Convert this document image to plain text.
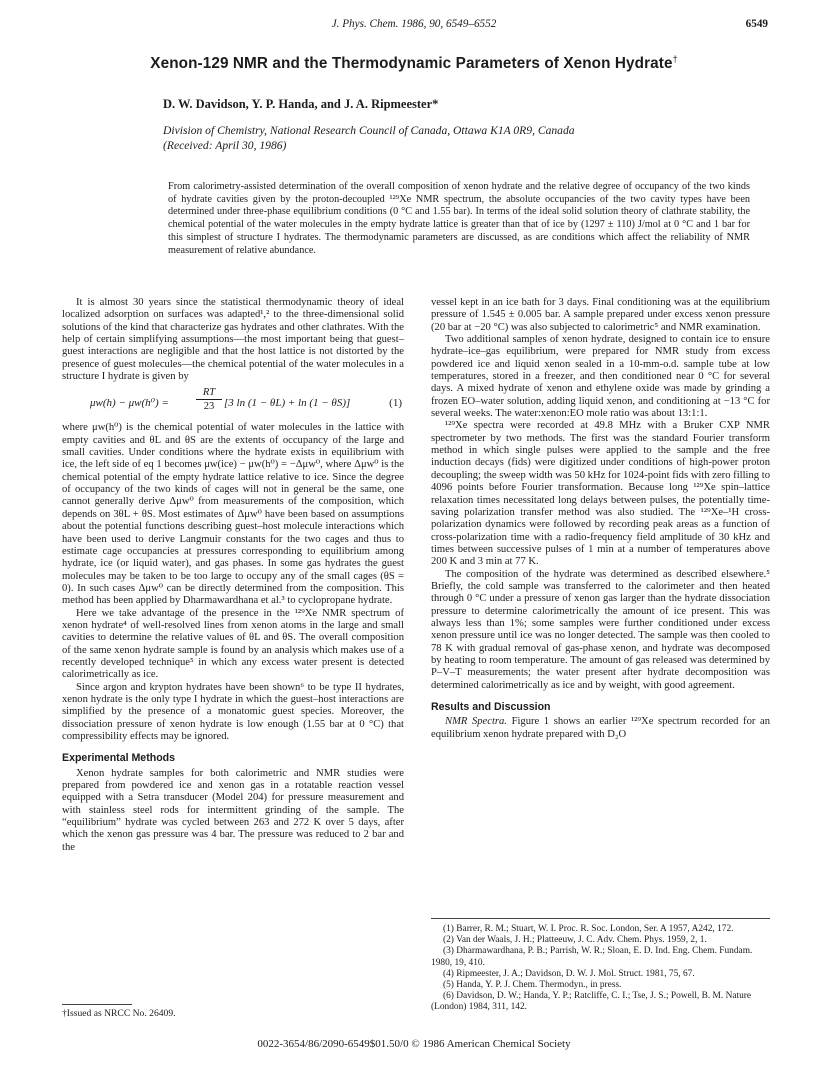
J. Phys. Chem. 1986, 90, 6549–6552	6549
Xenon-129 NMR and the Thermodynamic Parameters of Xenon Hydrate†
D. W. Davidson, Y. P. Handa, and J. A. Ripmeester*
Division of Chemistry, National Research Council of Canada, Ottawa K1A 0R9, Canada
(Received: April 30, 1986)
From calorimetry-assisted determination of the overall composition of xenon hydrate and the relative degree of occupancy of the two kinds of hydrate cavities given by the proton-decoupled ¹²⁹Xe NMR spectrum, the absolute occupancies of the two cavity types have been determined under three-phase equilibrium conditions (0 °C and 1.55 bar). In terms of the ideal solid solution theory of clathrate stability, the chemical potential of the water molecules in the empty hydrate lattice is greater than that of ice by (1297 ± 110) J/mol at 0 °C and 1 bar for this simplest of structure I hydrates. The thermodynamic parameters are discussed, as are conditions which affect the reliability of NMR measurement of relative abundance.

It is almost 30 years since the statistical thermodynamic theory of ideal localized adsorption on surfaces was adapted¹,² to the three-dimensional solid solutions of the kind that characterize gas hydrates and other clathrates. With the help of certain simplifying assumptions—the most important being that guest–guest interactions are negligible and that the host lattice is not distorted by the presence of guest molecules—the chemical potential of the water molecules in a structure I hydrate is given by

μw(h) − μw(h⁰) =	$\frac{RT}{23} [3$ ln (1 − θL) + ln (1 − θS)]	(1)

where μw(h⁰) is the chemical potential of water molecules in the lattice with empty cavities and θL and θS are the extents of occupancy of the large and small cavities. Under conditions where the hydrate exists in equilibrium with ice, the left side of eq 1 becomes μw(ice) − μw(h⁰) = −Δμw⁰, where Δμw⁰ is the chemical potential of the empty hydrate lattice relative to ice. Since the degree of occupancy of the two kinds of cages will not in general be the same, one cannot generally derive Δμw⁰ from measurements of the composition, which depends on 3θL + θS. Most estimates of Δμw⁰ have been based on assumptions about the potential functions describing guest–host molecule interactions which have been used to derive Langmuir constants for the two cages and thus to estimate cage occupancies at pressures corresponding to equilibrium among hydrate, ice (or liquid water), and gas phases. In some gas hydrates the guest molecules may be taken to be too large to occupy any of the small cages (θS = 0). In such cases Δμw⁰ can be directly determined from the composition. This method has been applied by Dharmawardhana et al.³ to cyclopropane hydrate.

Here we take advantage of the presence in the ¹²⁹Xe NMR spectrum of xenon hydrate⁴ of well-resolved lines from xenon atoms in the large and small cavities to determine the relative values of θL and θS. The overall composition of the same xenon hydrate sample is found by an analysis which makes use of a recently developed technique⁵ in which any excess water present is detected calorimetrically as ice.

Since argon and krypton hydrates have been shown⁶ to be type II hydrates, xenon hydrate is the only type I hydrate in which the guest–host interactions are simplified by the presence of a monatomic guest species. Moreover, the dissociation pressure of xenon hydrate is low enough (1.55 bar at 0 °C) that compressibility effects may be ignored.

Experimental Methods

Xenon hydrate samples for both calorimetric and NMR studies were prepared from powdered ice and xenon gas in a rotatable reaction vessel equipped with a Setra transducer (Model 204) for pressure measurement and with stainless steel rods for intermittent grinding of the sample. The “equilibrium” hydrate was cycled between 263 and 272 K over 5 days, after which the xenon gas pressure was 4 bar. The pressure was reduced to 2 bar and the

vessel kept in an ice bath for 3 days. Final conditioning was at the equilibrium pressure of 1.545 ± 0.005 bar. A sample prepared under excess xenon pressure (20 bar at −20 °C) was also subjected to calorimetric⁵ and NMR examination.

Two additional samples of xenon hydrate, designed to contain ice to ensure hydrate–ice–gas equilibrium, were prepared for NMR study from excess powdered ice and liquid xenon sealed in a 10-mm-o.d. sample tube at low temperatures, stored in a freezer, and then conditioned near 0 °C for several days. A mixed hydrate of xenon and ethylene oxide was made by grinding a frozen EO–water solution, adding liquid xenon, and conditioning at −13 °C for several weeks. The water:xenon:EO mole ratio was about 13:1:1.

¹²⁹Xe spectra were recorded at 49.8 MHz with a Bruker CXP NMR spectrometer by two methods. The first was the standard Fourier transform method in which single pulses were applied to the sample and the free induction decays (fids) were digitized under conditions of high-power proton decoupling; the sweep width was 50 kHz for 1024-point fids with zero filling to 4096 points before Fourier transformation. Because long ¹²⁹Xe spin–lattice relaxation times necessitated long delays between pulses, the potentially time-saving polarization transfer method was also studied. The ¹²⁹Xe–¹H cross-polarization dynamics were followed by recording peak areas as a function of cross-polarization time with a radio-frequency field amplitude of 30 kHz and times between successive pulses of 1 min at a number of temperatures above 200 K and 3 min at 77 K.

The composition of the hydrate was determined as described elsewhere.⁵ Briefly, the cold sample was transferred to the calorimeter and then heated through 0 °C under a pressure of xenon gas larger than the hydrate dissociation pressure to determine calorimetrically the amount of ice present. This was always less than 1%; some samples were further conditioned under excess xenon pressure until ice was no longer detected. The sample was then cooled to 78 K with gradual removal of gas-phase xenon, and hydrate was decomposed by heating to room temperature. The amount of gas released was determined by P–V–T measurements; the water present after hydrate decomposition was determined calorimetrically as ice and by weight, with good agreement.

Results and Discussion

NMR Spectra. Figure 1 shows an earlier ¹²⁹Xe spectrum recorded for an equilibrium xenon hydrate prepared with D₂O

(1) Barrer, R. M.; Stuart, W. I. Proc. R. Soc. London, Ser. A 1957, A242, 172.
(2) Van der Waals, J. H.; Platteeuw, J. C. Adv. Chem. Phys. 1959, 2, 1.
(3) Dharmawardhana, P. B.; Parrish, W. R.; Sloan, E. D. Ind. Eng. Chem. Fundam. 1980, 19, 410.
(4) Ripmeester, J. A.; Davidson, D. W. J. Mol. Struct. 1981, 75, 67.
(5) Handa, Y. P. J. Chem. Thermodyn., in press.
(6) Davidson, D. W.; Handa, Y. P.; Ratcliffe, C. I.; Tse, J. S.; Powell, B. M. Nature (London) 1984, 311, 142.
†Issued as NRCC No. 26409.
0022-3654/86/2090-6549$01.50/0 © 1986 American Chemical Society
